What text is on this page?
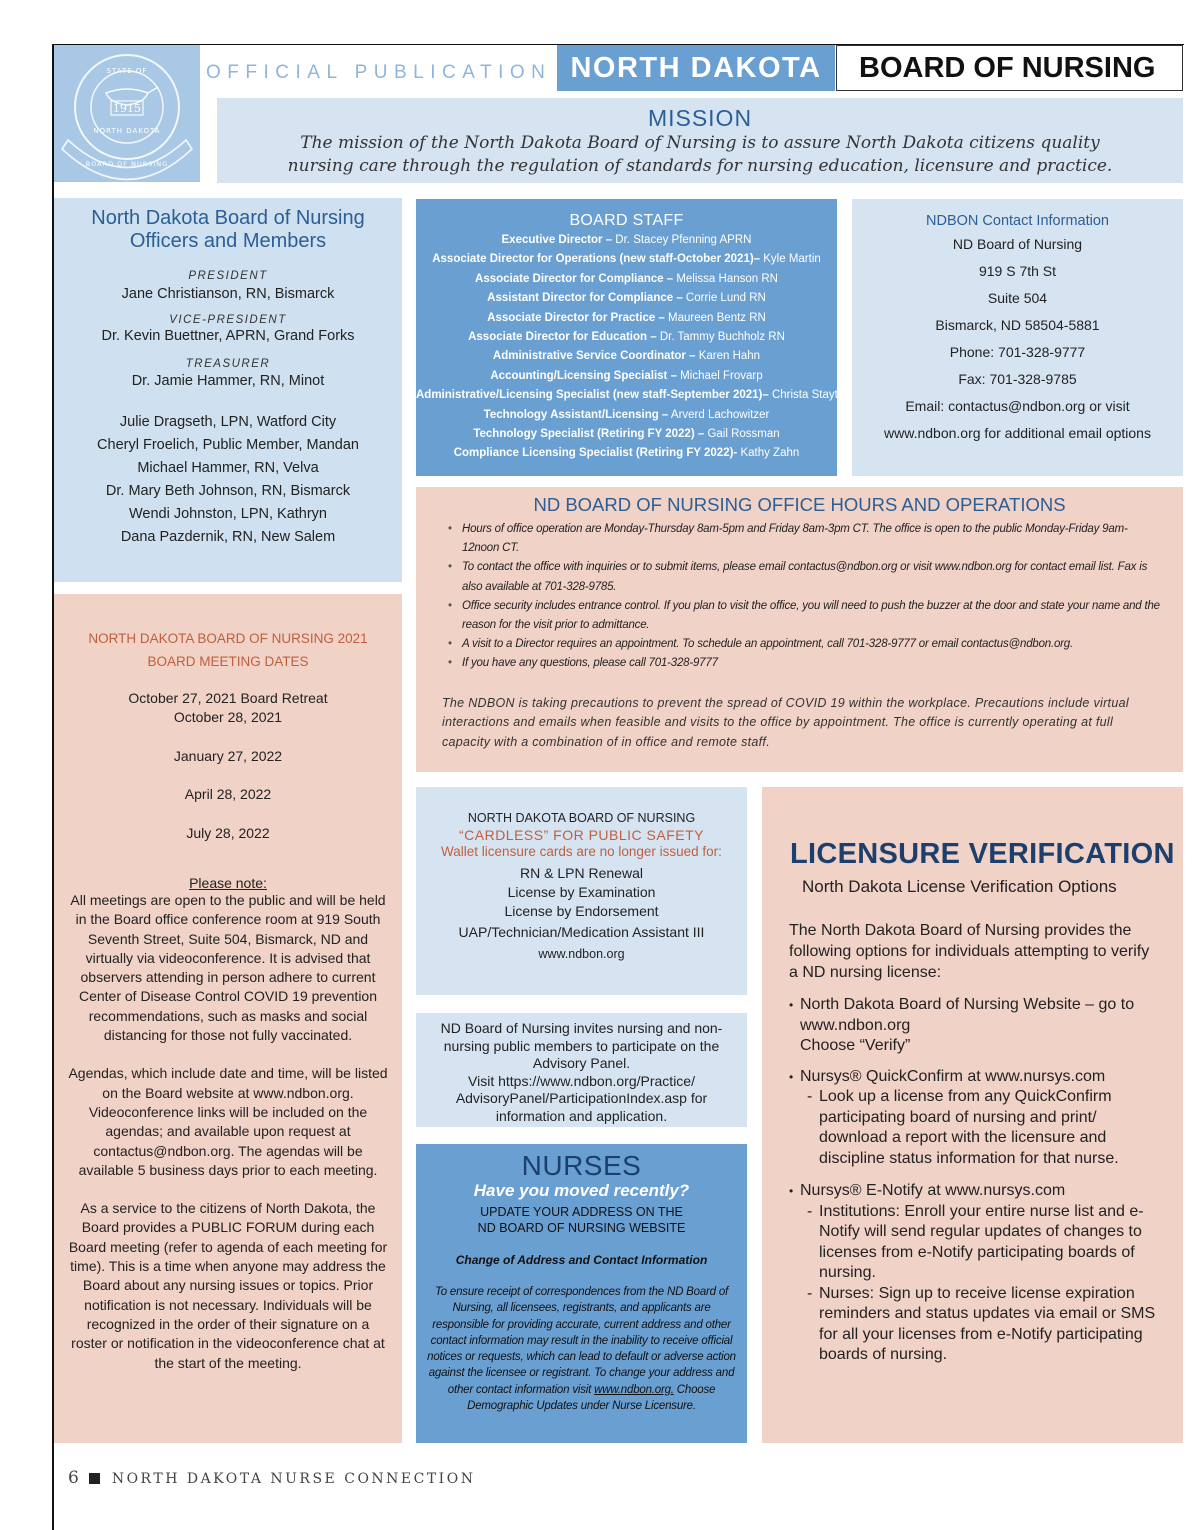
1915
STATE OF
NORTH DAKOTA
BOARD OF NURSING
OFFICIAL PUBLICATION NORTH DAKOTA	BOARD OF NURSING
MISSION

The mission of the North Dakota Board of Nursing is to assure North Dakota citizens quality nursing care through the regulation of standards for nursing education, licensure and practice.

North Dakota Board of Nursing
Officers and Members
PRESIDENT
Jane Christianson, RN, Bismarck
VICE-PRESIDENT
Dr. Kevin Buettner, APRN, Grand Forks
TREASURER
Dr. Jamie Hammer, RN, Minot
Julie Dragseth, LPN, Watford City
Cheryl Froelich, Public Member, Mandan
Michael Hammer, RN, Velva
Dr. Mary Beth Johnson, RN, Bismarck
Wendi Johnston, LPN, Kathryn
Dana Pazdernik, RN, New Salem
NORTH DAKOTA BOARD OF NURSING 2021
BOARD MEETING DATES
October 27, 2021 Board Retreat
October 28, 2021
January 27, 2022
April 28, 2022
July 28, 2022
Please note:
All meetings are open to the public and will be held in the Board office conference room at 919 South Seventh Street, Suite 504, Bismarck, ND and virtually via videoconference. It is advised that observers attending in person adhere to current Center of Disease Control COVID 19 prevention recommendations, such as masks and social distancing for those not fully vaccinated.
Agendas, which include date and time, will be listed on the Board website at www.ndbon.org. Videoconference links will be included on the agendas; and available upon request at contactus@ndbon.org. The agendas will be available 5 business days prior to each meeting.
As a service to the citizens of North Dakota, the Board provides a PUBLIC FORUM during each Board meeting (refer to agenda of each meeting for time). This is a time when anyone may address the Board about any nursing issues or topics. Prior notification is not necessary. Individuals will be recognized in the order of their signature on a roster or notification in the videoconference chat at the start of the meeting.
BOARD STAFF
Executive Director – Dr. Stacey Pfenning APRN
Associate Director for Operations (new staff-October 2021)– Kyle Martin
Associate Director for Compliance – Melissa Hanson RN
Assistant Director for Compliance – Corrie Lund RN
Associate Director for Practice – Maureen Bentz RN
Associate Director for Education – Dr. Tammy Buchholz RN
Administrative Service Coordinator – Karen Hahn
Accounting/Licensing Specialist – Michael Frovarp
Administrative/Licensing Specialist (new staff-September 2021)– Christa Stayton
Technology Assistant/Licensing – Arverd Lachowitzer
Technology Specialist (Retiring FY 2022) – Gail Rossman
Compliance Licensing Specialist (Retiring FY 2022)- Kathy Zahn
NDBON Contact Information
ND Board of Nursing
919 S 7th St
Suite 504
Bismarck, ND 58504-5881
Phone: 701-328-9777
Fax: 701-328-9785
Email: contactus@ndbon.org or visit
www.ndbon.org for additional email options
ND BOARD OF NURSING OFFICE HOURS AND OPERATIONS
• Hours of office operation are Monday-Thursday 8am-5pm and Friday 8am-3pm CT. The office is open to the public Monday-Friday 9am-12noon CT.
• To contact the office with inquiries or to submit items, please email contactus@ndbon.org or visit www.ndbon.org for contact email list. Fax is also available at 701-328-9785.
• Office security includes entrance control. If you plan to visit the office, you will need to push the buzzer at the door and state your name and the reason for the visit prior to admittance.
• A visit to a Director requires an appointment. To schedule an appointment, call 701-328-9777 or email contactus@ndbon.org.
• If you have any questions, please call 701-328-9777
The NDBON is taking precautions to prevent the spread of COVID 19 within the workplace. Precautions include virtual interactions and emails when feasible and visits to the office by appointment. The office is currently operating at full capacity with a combination of in office and remote staff.
NORTH DAKOTA BOARD OF NURSING
“CARDLESS” FOR PUBLIC SAFETY
Wallet licensure cards are no longer issued for:
RN & LPN Renewal
License by Examination
License by Endorsement
UAP/Technician/Medication Assistant III
www.ndbon.org
ND Board of Nursing invites nursing and non-nursing public members to participate on the Advisory Panel.
Visit https://www.ndbon.org/Practice/ AdvisoryPanel/ParticipationIndex.asp for information and application.
NURSES
Have you moved recently?
UPDATE YOUR ADDRESS ON THE
ND BOARD OF NURSING WEBSITE
Change of Address and Contact Information
To ensure receipt of correspondences from the ND Board of Nursing, all licensees, registrants, and applicants are responsible for providing accurate, current address and other contact information may result in the inability to receive official notices or requests, which can lead to default or adverse action against the licensee or registrant. To change your address and other contact information visit www.ndbon.org. Choose Demographic Updates under Nurse Licensure.
LICENSURE VERIFICATION
North Dakota License Verification Options
The North Dakota Board of Nursing provides the following options for individuals attempting to verify a ND nursing license:
• North Dakota Board of Nursing Website – go to
www.ndbon.org
Choose “Verify”
• Nursys® QuickConfirm at www.nursys.com
- Look up a license from any QuickConfirm participating board of nursing and print/ download a report with the licensure and discipline status information for that nurse.
• Nursys® E-Notify at www.nursys.com
- Institutions: Enroll your entire nurse list and e-Notify will send regular updates of changes to licenses from e-Notify participating boards of nursing.
- Nurses: Sign up to receive license expiration reminders and status updates via email or SMS for all your licenses from e-Notify participating boards of nursing.
6 NORTH DAKOTA NURSE CONNECTION
